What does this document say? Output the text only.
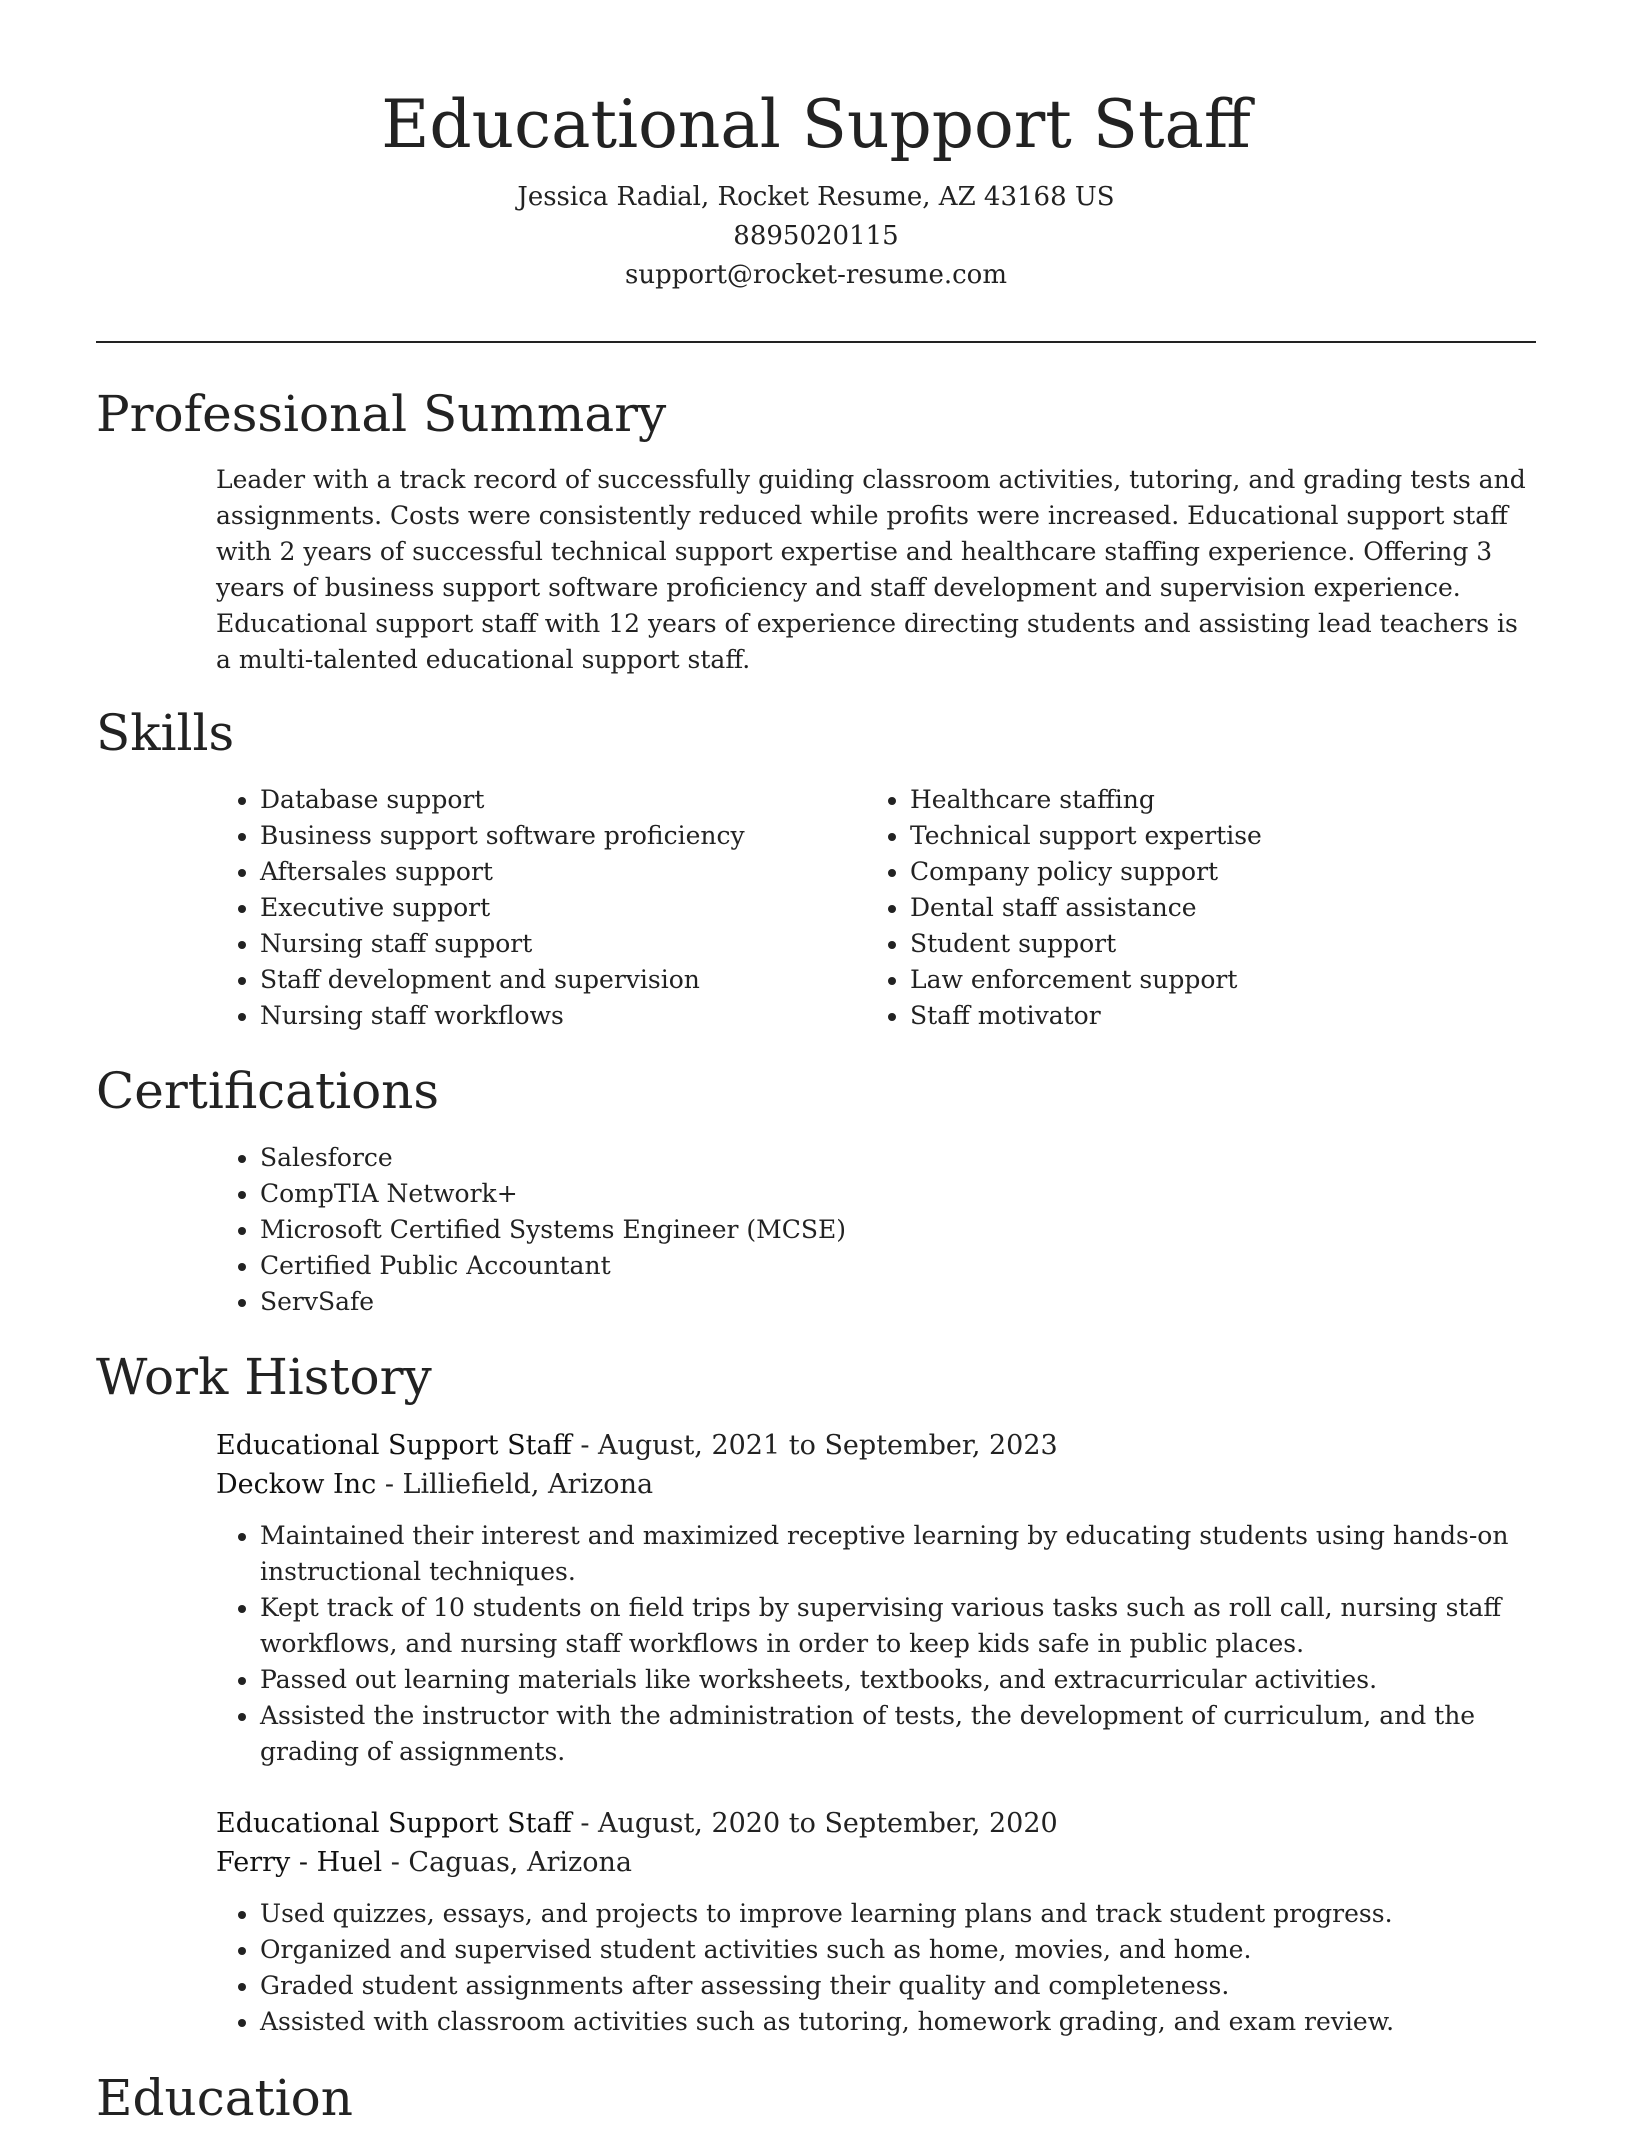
Educational Support Staff
Jessica Radial, Rocket Resume, AZ 43168 US
8895020115
support@rocket-resume.com
Professional Summary

Leader with a track record of successfully guiding classroom activities, tutoring, and grading tests and assignments. Costs were consistently reduced while profits were increased. Educational support staff with 2 years of successful technical support expertise and healthcare staffing experience. Offering 3 years of business support software proficiency and staff development and supervision experience. Educational support staff with 12 years of experience directing students and assisting lead teachers is a multi-talented educational support staff.

Skills
• Database support
• Business support software proficiency
• Aftersales support
• Executive support
• Nursing staff support
• Staff development and supervision
• Nursing staff workflows
• Healthcare staffing
• Technical support expertise
• Company policy support
• Dental staff assistance
• Student support
• Law enforcement support
• Staff motivator
Certifications
• Salesforce
• CompTIA Network+
• Microsoft Certified Systems Engineer (MCSE)
• Certified Public Accountant
• ServSafe
Work History
Educational Support Staff - August, 2021 to September, 2023
Deckow Inc - Lilliefield, Arizona
• Maintained their interest and maximized receptive learning by educating students using hands-on instructional techniques.
• Kept track of 10 students on field trips by supervising various tasks such as roll call, nursing staff workflows, and nursing staff workflows in order to keep kids safe in public places.
• Passed out learning materials like worksheets, textbooks, and extracurricular activities.
• Assisted the instructor with the administration of tests, the development of curriculum, and the grading of assignments.
Educational Support Staff - August, 2020 to September, 2020
Ferry - Huel - Caguas, Arizona
• Used quizzes, essays, and projects to improve learning plans and track student progress.
• Organized and supervised student activities such as home, movies, and home.
• Graded student assignments after assessing their quality and completeness.
• Assisted with classroom activities such as tutoring, homework grading, and exam review.
Education
